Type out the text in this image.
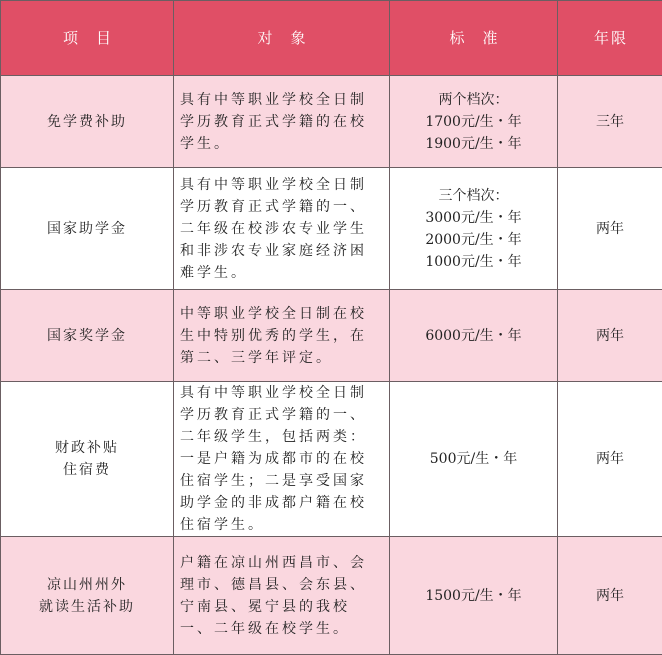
项目	对象	标准	年限

免学费补助	具有中等职业学校全日制学历教育正式学籍的在校学生。	两个档次：
1700元/生・年
1900元/生・年	三年

国家助学金	具有中等职业学校全日制学历教育正式学籍的一、二年级在校涉农专业学生和非涉农专业家庭经济困难学生。	三个档次：
3000元/生・年
2000元/生・年
1000元/生・年	两年

国家奖学金	中等职业学校全日制在校生中特别优秀的学生，在第二、三学年评定。	6000元/生・年	两年

财政补贴
住宿费	具有中等职业学校全日制学历教育正式学籍的一、二年级学生，包括两类：一是户籍为成都市的在校住宿学生；二是享受国家助学金的非成都户籍在校住宿学生。	500元/生・年	两年

凉山州州外
就读生活补助	户籍在凉山州西昌市、会理市、德昌县、会东县、宁南县、冕宁县的我校一、二年级在校学生。	1500元/生・年	两年
